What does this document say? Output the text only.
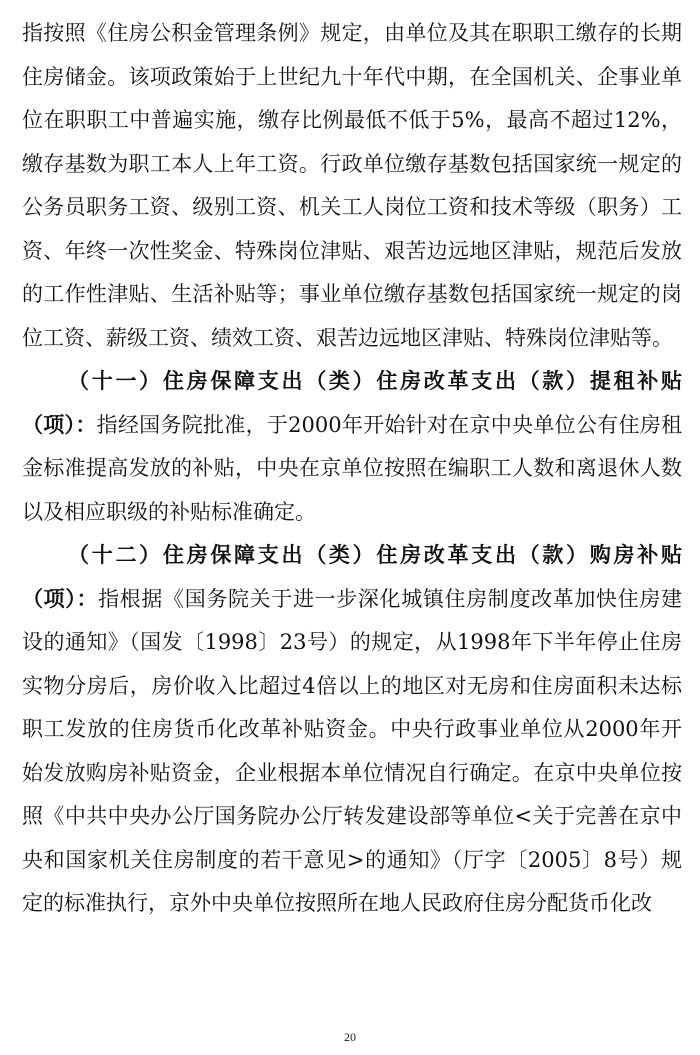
指按照《住房公积金管理条例》规定，由单位及其在职职工缴存的长期住房储金。该项政策始于上世纪九十年代中期，在全国机关、企事业单位在职职工中普遍实施，缴存比例最低不低于5%，最高不超过12%，缴存基数为职工本人上年工资。行政单位缴存基数包括国家统一规定的公务员职务工资、级别工资、机关工人岗位工资和技术等级（职务）工资、年终一次性奖金、特殊岗位津贴、艰苦边远地区津贴，规范后发放的工作性津贴、生活补贴等；事业单位缴存基数包括国家统一规定的岗位工资、薪级工资、绩效工资、艰苦边远地区津贴、特殊岗位津贴等。

（十一）住房保障支出（类）住房改革支出（款）提租补贴（项）：指经国务院批准，于2000年开始针对在京中央单位公有住房租金标准提高发放的补贴，中央在京单位按照在编职工人数和离退休人数以及相应职级的补贴标准确定。

（十二）住房保障支出（类）住房改革支出（款）购房补贴（项）：指根据《国务院关于进一步深化城镇住房制度改革加快住房建设的通知》（国发〔1998〕23号）的规定，从1998年下半年停止住房实物分房后，房价收入比超过4倍以上的地区对无房和住房面积未达标职工发放的住房货币化改革补贴资金。中央行政事业单位从2000年开始发放购房补贴资金，企业根据本单位情况自行确定。在京中央单位按照《中共中央办公厅国务院办公厅转发建设部等单位<关于完善在京中央和国家机关住房制度的若干意见>的通知》（厅字〔2005〕8号）规定的标准执行，京外中央单位按照所在地人民政府住房分配货币化改

20
